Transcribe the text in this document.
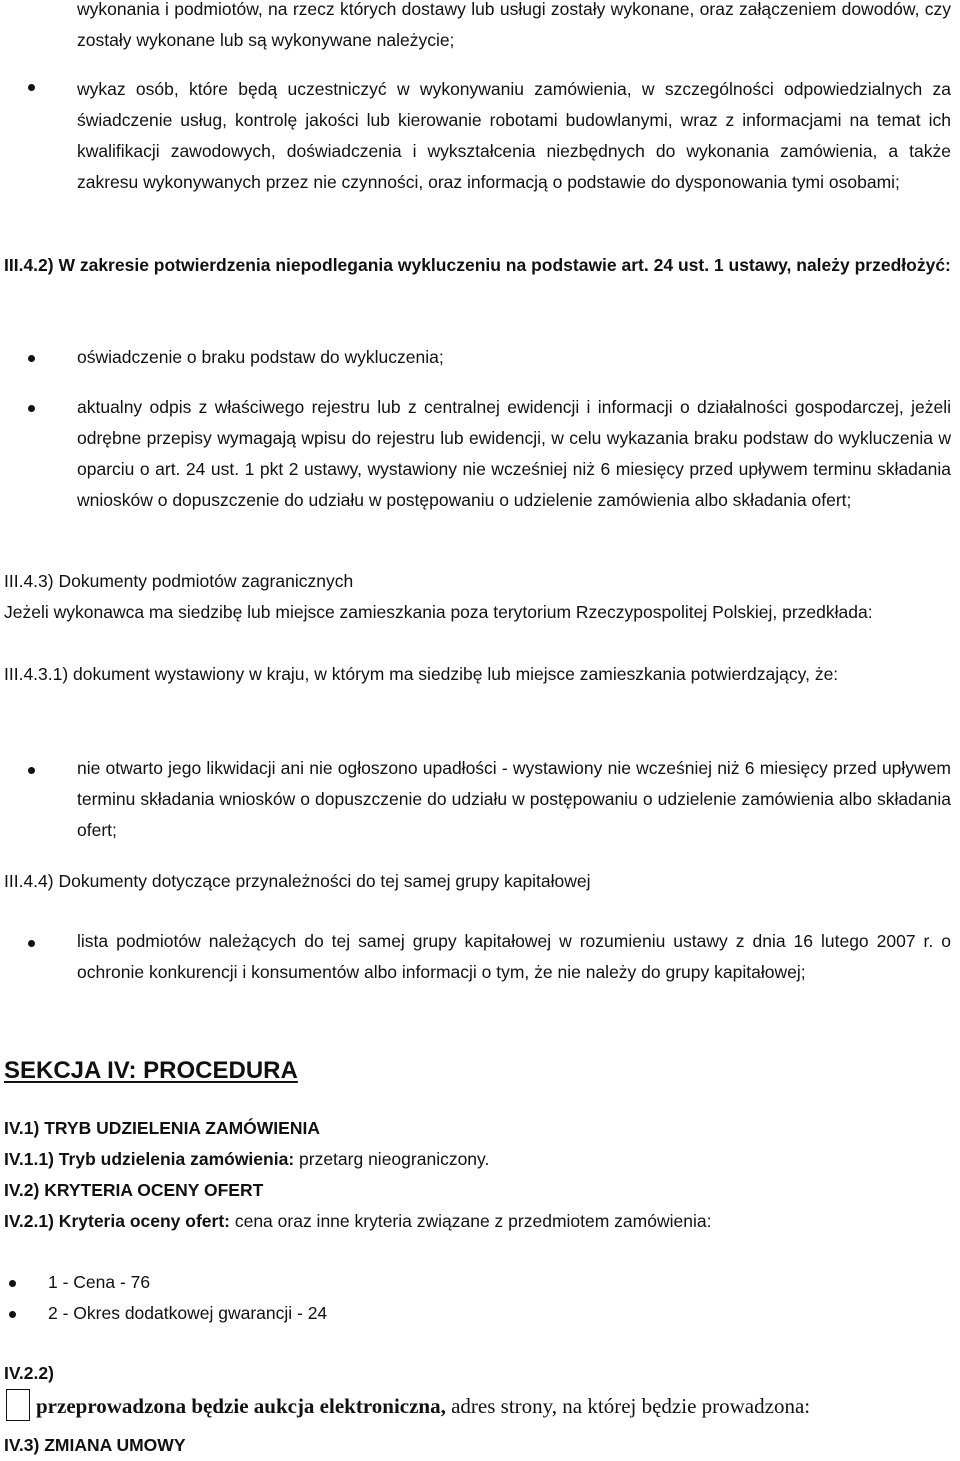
wykonania i podmiotów, na rzecz których dostawy lub usługi zostały wykonane, oraz załączeniem dowodów, czy zostały wykonane lub są wykonywane należycie;

wykaz osób, które będą uczestniczyć w wykonywaniu zamówienia, w szczególności odpowiedzialnych za świadczenie usług, kontrolę jakości lub kierowanie robotami budowlanymi, wraz z informacjami na temat ich kwalifikacji zawodowych, doświadczenia i wykształcenia niezbędnych do wykonania zamówienia, a także zakresu wykonywanych przez nie czynności, oraz informacją o podstawie do dysponowania tymi osobami;

III.4.2) W zakresie potwierdzenia niepodlegania wykluczeniu na podstawie art. 24 ust. 1 ustawy, należy przedłożyć:

oświadczenie o braku podstaw do wykluczenia;

aktualny odpis z właściwego rejestru lub z centralnej ewidencji i informacji o działalności gospodarczej, jeżeli odrębne przepisy wymagają wpisu do rejestru lub ewidencji, w celu wykazania braku podstaw do wykluczenia w oparciu o art. 24 ust. 1 pkt 2 ustawy, wystawiony nie wcześniej niż 6 miesięcy przed upływem terminu składania wniosków o dopuszczenie do udziału w postępowaniu o udzielenie zamówienia albo składania ofert;

III.4.3) Dokumenty podmiotów zagranicznych

Jeżeli wykonawca ma siedzibę lub miejsce zamieszkania poza terytorium Rzeczypospolitej Polskiej, przedkłada:

III.4.3.1) dokument wystawiony w kraju, w którym ma siedzibę lub miejsce zamieszkania potwierdzający, że:

nie otwarto jego likwidacji ani nie ogłoszono upadłości - wystawiony nie wcześniej niż 6 miesięcy przed upływem terminu składania wniosków o dopuszczenie do udziału w postępowaniu o udzielenie zamówienia albo składania ofert;

III.4.4) Dokumenty dotyczące przynależności do tej samej grupy kapitałowej

lista podmiotów należących do tej samej grupy kapitałowej w rozumieniu ustawy z dnia 16 lutego 2007 r. o ochronie konkurencji i konsumentów albo informacji o tym, że nie należy do grupy kapitałowej;

SEKCJA IV: PROCEDURA

IV.1) TRYB UDZIELENIA ZAMÓWIENIA

IV.1.1) Tryb udzielenia zamówienia: przetarg nieograniczony.

IV.2) KRYTERIA OCENY OFERT

IV.2.1) Kryteria oceny ofert: cena oraz inne kryteria związane z przedmiotem zamówienia:

1 - Cena - 76

2 - Okres dodatkowej gwarancji - 24

IV.2.2)

przeprowadzona będzie aukcja elektroniczna, adres strony, na której będzie prowadzona:

IV.3) ZMIANA UMOWY
